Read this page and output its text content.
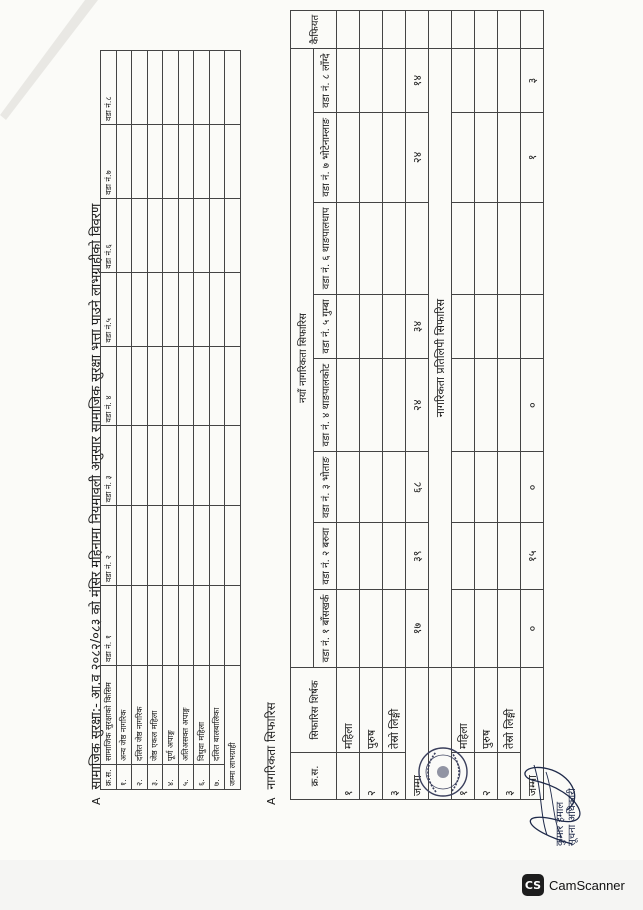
Aसामाजिक सुरक्षा:- आ.व २०८२/०८३ को मंसिर महिनामा नियमावली अनुसार सामाजिक सुरक्षा भत्ता पाउने लाभग्राहीको विवरण क्र.स.	सामाजिक सुरक्षाको किसिम	वडा नं. १	वडा नं. २	वडा नं. ३	वडा नं. ४	वडा नं.५	वडा नं.६	वडा नं.७	वडा नं.८
१.	अन्य जेष्ठ नागरिक								
२.	दलित जेष्ठ नागरिक								
३.	जेष्ठ एकल महिला								
४.	पूर्ण अपाङ्ग								
५.	अतिअसक्त अपाङ्ग								
६.	विधुवा महिला								
७.	दलित बालबालिका								
जम्मा लाभग्राही									
Aनागरिकता सिफारिस	क्र.स.	सिफारिस शिर्षक	नयाँ नागरिकता सिफारिस								कैफियत
		वडा नं. १ बाँसखर्क	वडा नं. २ बरुवा	वडा नं. ३ भोताङ	वडा नं. ४ थाङपालकोट	वडा नं. ५ गुम्बा	वडा नं. ६ थाङपालधाप	वडा नं. ७ भोटेनाम्लाङ	वडा नं. ८ लाँग्दे	
१	महिला									
२	पुरुष									
३	तेस्रो लिङ्गी									
जम्मा		१७	३९	६८	२४	३४		२४	१४	
		नागरिकता प्रतिलिपी सिफारिस								
१	महिला									
२	पुरुष									
३	तेस्रो लिङ्गी									
जम्मा		०	१५	०	०			१	३	
कुमार हमाल सूचना अधिकारी
CS CamScanner
